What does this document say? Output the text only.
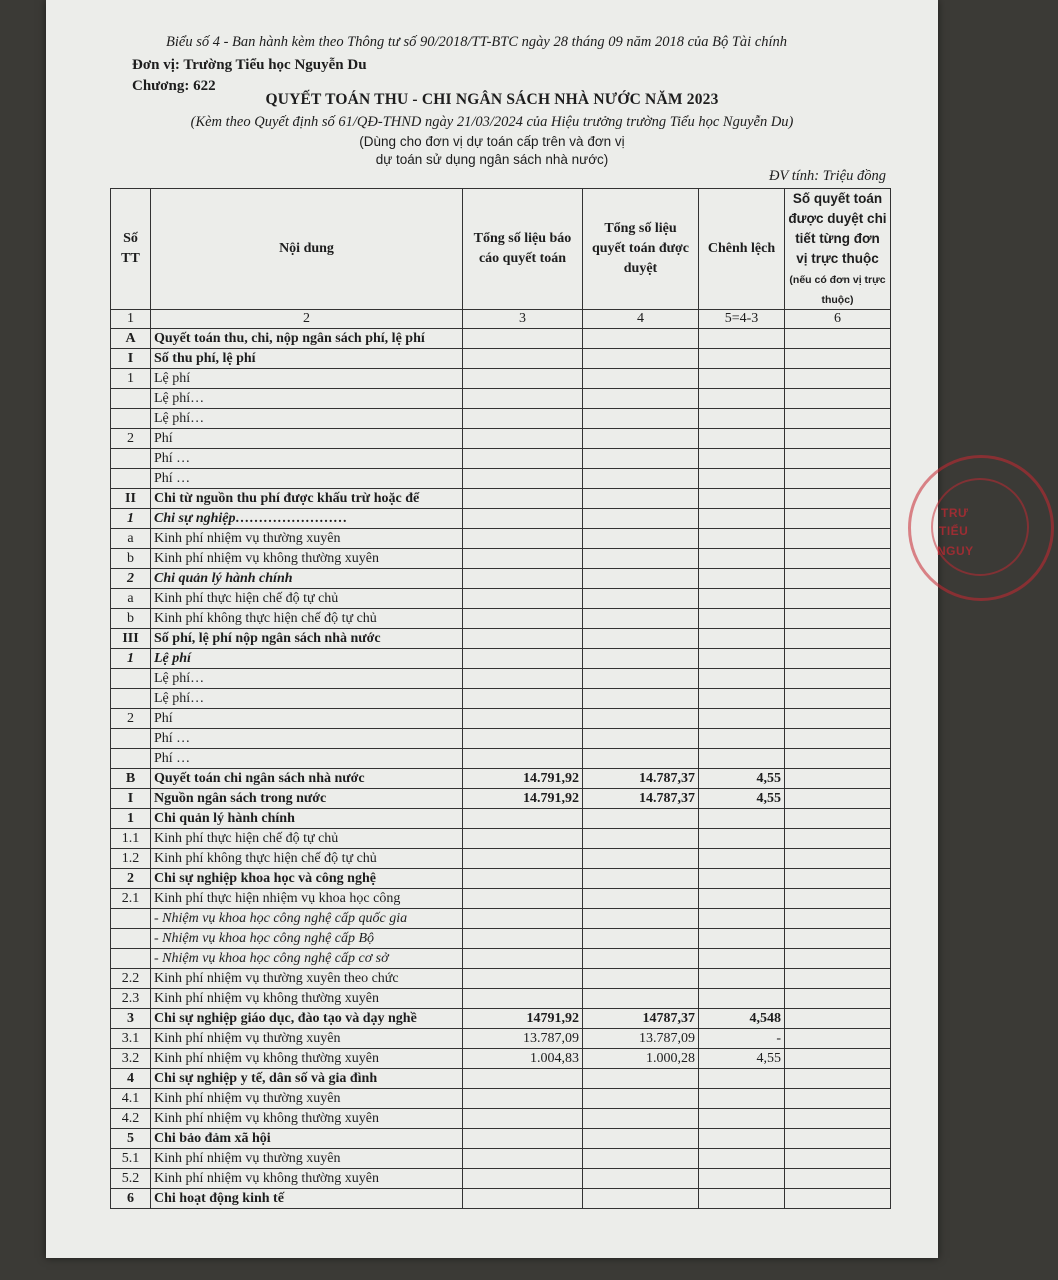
Biểu số 4 - Ban hành kèm theo Thông tư số 90/2018/TT-BTC ngày 28 tháng 09 năm 2018 của Bộ Tài chính
Đơn vị: Trường Tiểu học Nguyễn Du
Chương: 622
QUYẾT TOÁN THU - CHI NGÂN SÁCH NHÀ NƯỚC NĂM 2023
(Kèm theo Quyết định số 61/QĐ-THND ngày 21/03/2024 của Hiệu trưởng trường Tiểu học Nguyễn Du)
(Dùng cho đơn vị dự toán cấp trên và đơn vị
dự toán sử dụng ngân sách nhà nước)
ĐV tính: Triệu đồng
Số TT	Nội dung	Tổng số liệu báo cáo quyết toán	Tổng số liệu quyết toán được duyệt	Chênh lệch	Số quyết toán được duyệt chi tiết từng đơn vị trực thuộc (nếu có đơn vị trực thuộc)
1	2	3	4	5=4-3	6
A	Quyết toán thu, chi, nộp ngân sách phí, lệ phí				
I	Số thu phí, lệ phí				
1	Lệ phí				
	Lệ phí…				
	Lệ phí…				
2	Phí				
	Phí …				
	Phí …				
II	Chi từ nguồn thu phí được khấu trừ hoặc để				
1	Chi sự nghiệp……………………				
a	Kinh phí nhiệm vụ thường xuyên				
b	Kinh phí nhiệm vụ không thường xuyên				
2	Chi quản lý hành chính				
a	Kinh phí thực hiện chế độ tự chủ				
b	Kinh phí không thực hiện chế độ tự chủ				
III	Số phí, lệ phí nộp ngân sách nhà nước				
1	Lệ phí				
	Lệ phí…				
	Lệ phí…				
2	Phí				
	Phí …				
	Phí …				
B	Quyết toán chi ngân sách nhà nước	14.791,92	14.787,37	4,55	
I	Nguồn ngân sách trong nước	14.791,92	14.787,37	4,55	
1	Chi quản lý hành chính				
1.1	Kinh phí thực hiện chế độ tự chủ				
1.2	Kinh phí không thực hiện chế độ tự chủ				
2	Chi sự nghiệp khoa học và công nghệ				
2.1	Kinh phí thực hiện nhiệm vụ khoa học công				
	- Nhiệm vụ khoa học công nghệ cấp quốc gia				
	- Nhiệm vụ khoa học công nghệ cấp Bộ				
	- Nhiệm vụ khoa học công nghệ cấp cơ sở				
2.2	Kinh phí nhiệm vụ thường xuyên theo chức				
2.3	Kinh phí nhiệm vụ không thường xuyên				
3	Chi sự nghiệp giáo dục, đào tạo và dạy nghề	14791,92	14787,37	4,548	
3.1	Kinh phí nhiệm vụ thường xuyên	13.787,09	13.787,09	-	
3.2	Kinh phí nhiệm vụ không thường xuyên	1.004,83	1.000,28	4,55	
4	Chi sự nghiệp y tế, dân số và gia đình				
4.1	Kinh phí nhiệm vụ thường xuyên				
4.2	Kinh phí nhiệm vụ không thường xuyên				
5	Chi bảo đảm xã hội				
5.1	Kinh phí nhiệm vụ thường xuyên				
5.2	Kinh phí nhiệm vụ không thường xuyên				
6	Chi hoạt động kinh tế				
TRƯ
TIỂU
NGUY
